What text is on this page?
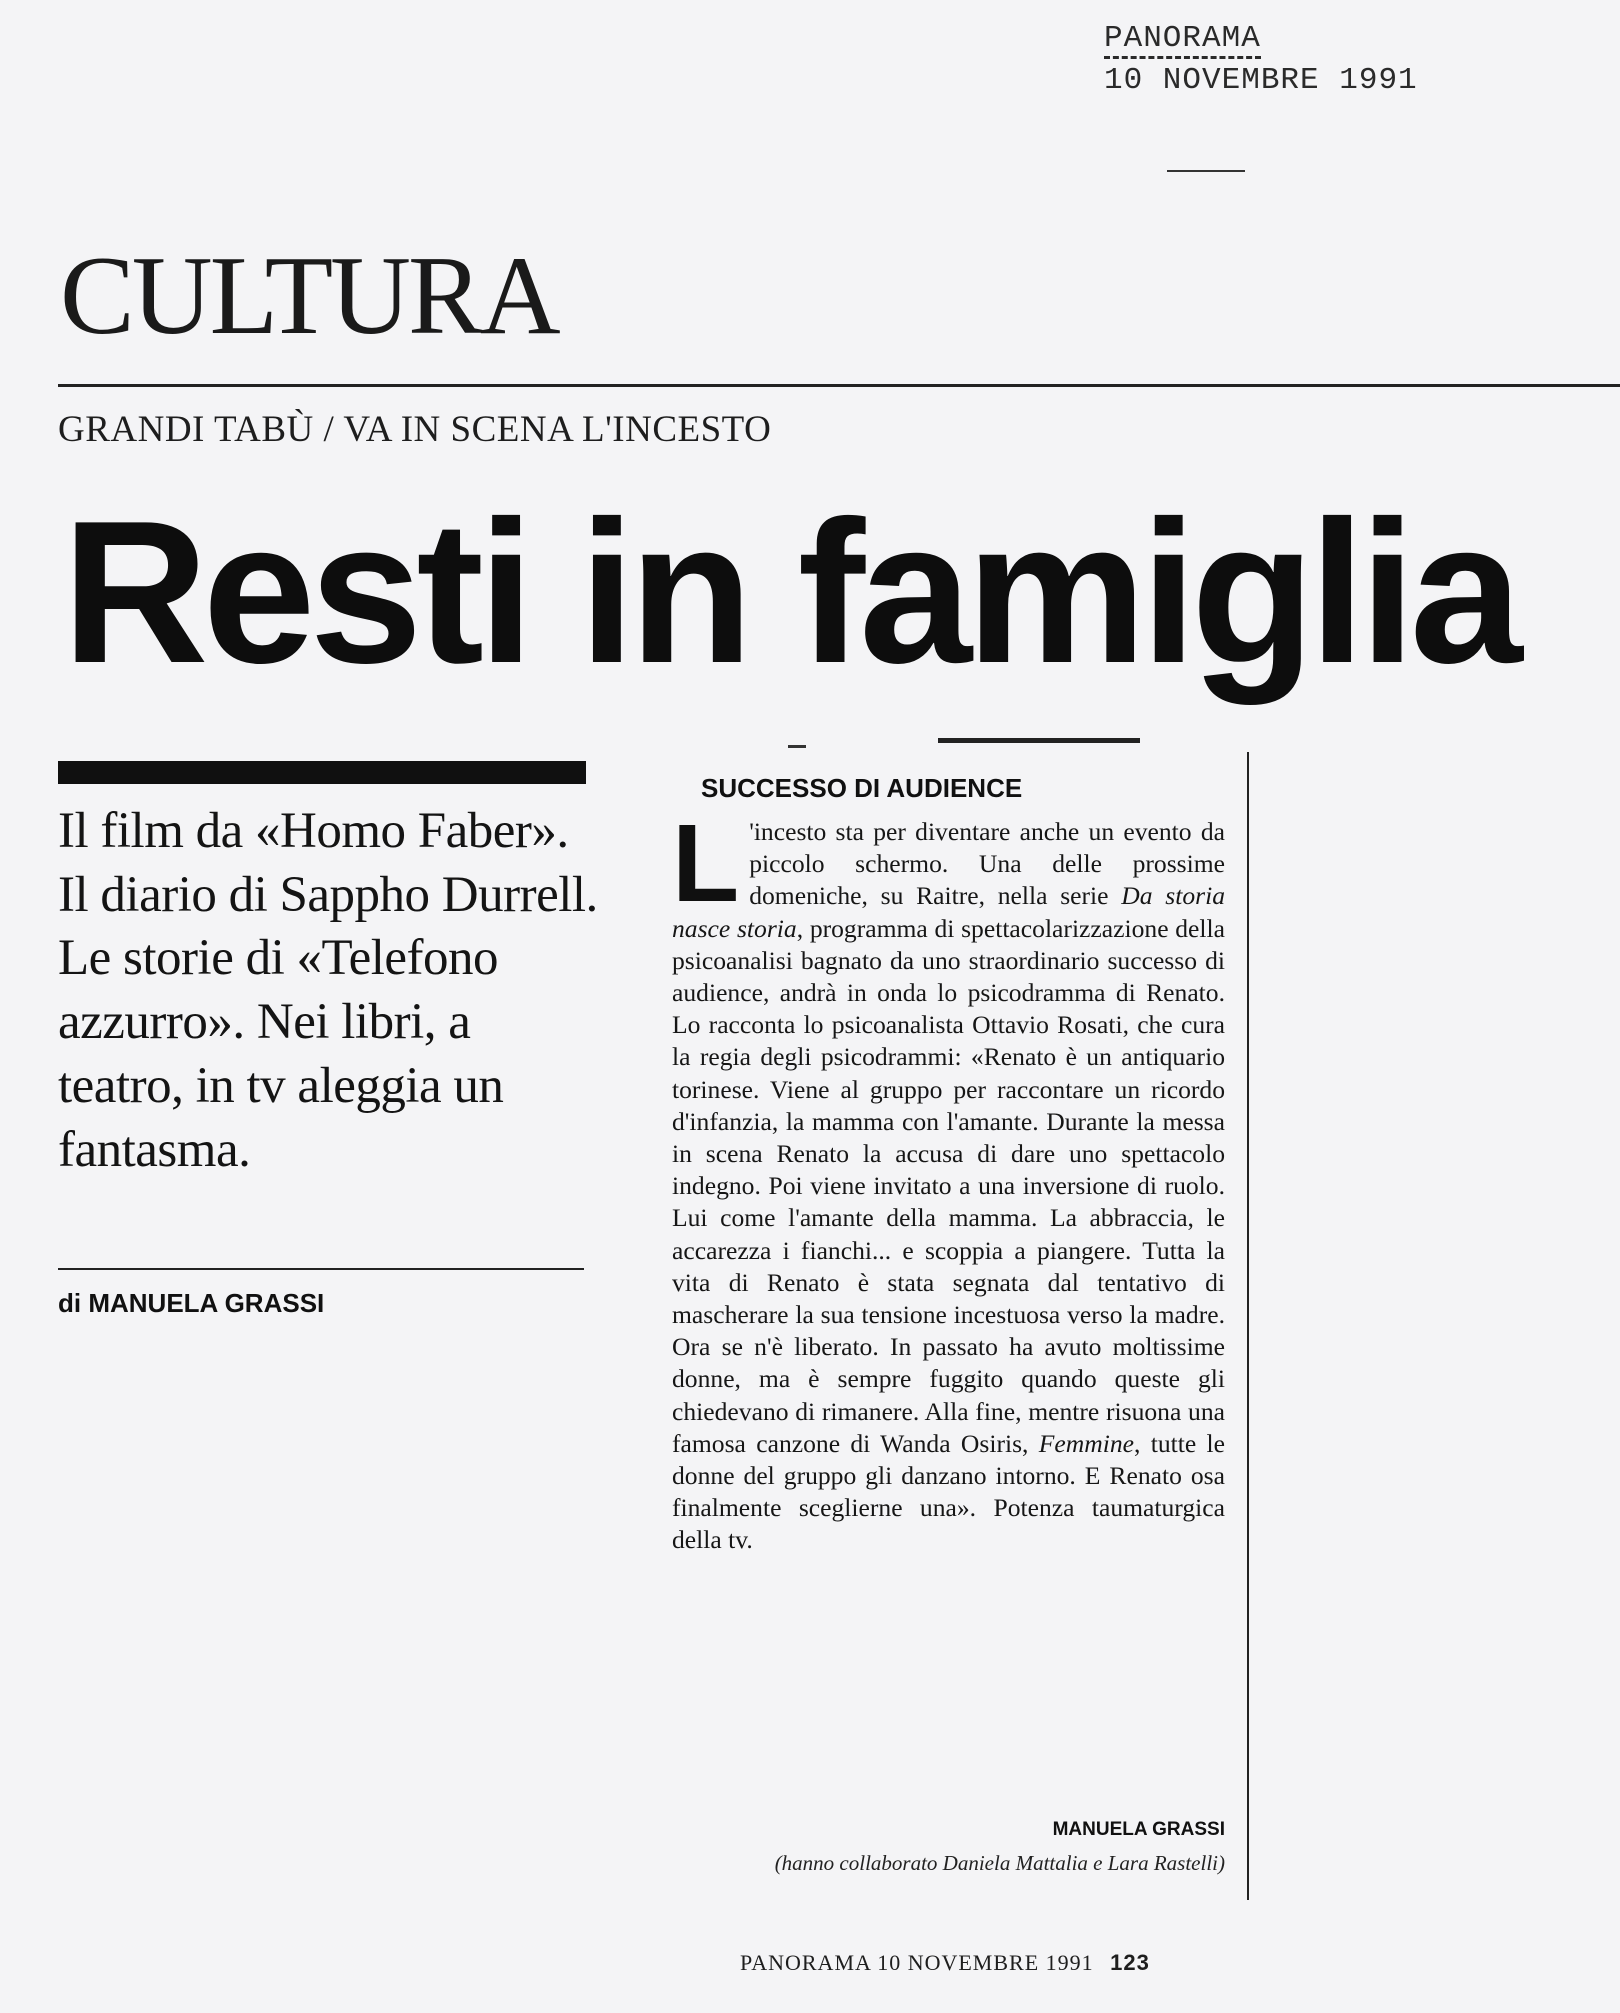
PANORAMA
10 NOVEMBRE 1991
CULTURA
GRANDI TABÙ / VA IN SCENA L'INCESTO
Resti in famiglia
Il film da «Homo Faber». Il diario di Sappho Durrell. Le storie di «Telefono azzurro». Nei libri, a teatro, in tv aleggia un fantasma.
di MANUELA GRASSI
SUCCESSO DI AUDIENCE

L 'incesto sta per diventare anche un evento da piccolo schermo. Una delle prossime domeniche, su Raitre, nella serie Da storia nasce storia, programma di spettacolarizzazione della psicoanalisi bagnato da uno straordinario successo di audience, andrà in onda lo psicodramma di Renato. Lo racconta lo psicoanalista Ottavio Rosati, che cura la regia degli psicodrammi: «Renato è un antiquario torinese. Viene al gruppo per raccontare un ricordo d'infanzia, la mamma con l'amante. Durante la messa in scena Renato la accusa di dare uno spettacolo indegno. Poi viene invitato a una inversione di ruolo. Lui come l'amante della mamma. La abbraccia, le accarezza i fianchi... e scoppia a piangere. Tutta la vita di Renato è stata segnata dal tentativo di mascherare la sua tensione incestuosa verso la madre. Ora se n'è liberato. In passato ha avuto moltissime donne, ma è sempre fuggito quando queste gli chiedevano di rimanere. Alla fine, mentre risuona una famosa canzone di Wanda Osiris, Femmine, tutte le donne del gruppo gli danzano intorno. E Renato osa finalmente sceglierne una». Potenza taumaturgica della tv.

MANUELA GRASSI
(hanno collaborato Daniela Mattalia e Lara Rastelli)
PANORAMA 10 NOVEMBRE 1991 123
